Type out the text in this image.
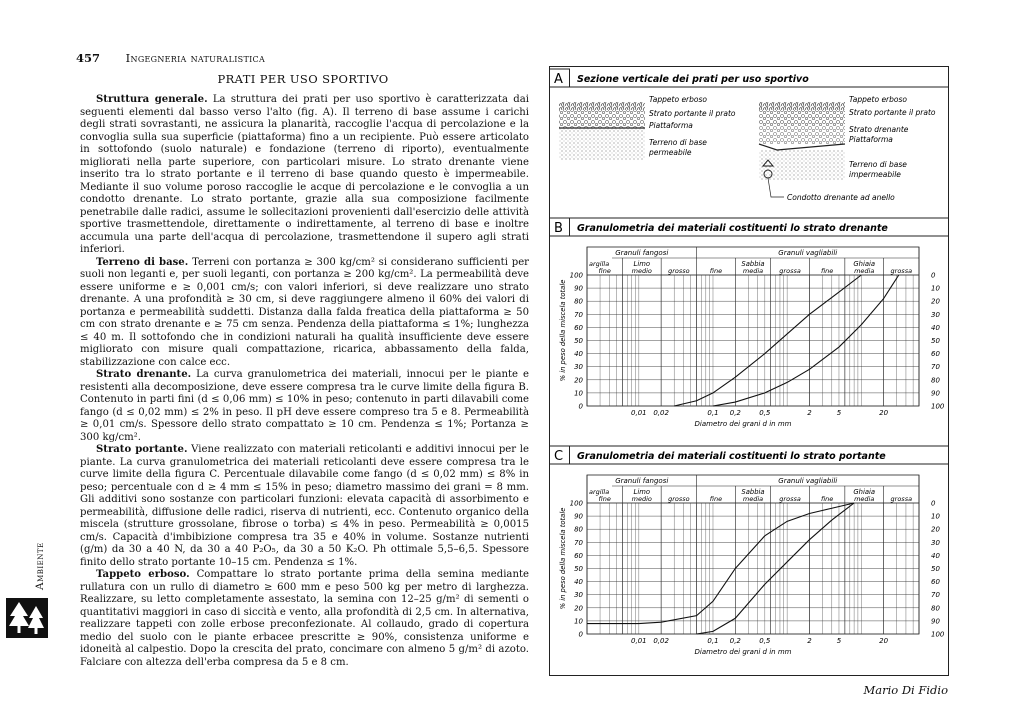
457 Ingegneria naturalistica
PRATI PER USO SPORTIVO

Struttura generale. La struttura dei prati per uso sportivo è caratterizzata dai seguenti elementi dal basso verso l'alto (fig. A). Il terreno di base assume i carichi degli strati sovrastanti, ne assicura la planarità, raccoglie l'acqua di percolazione e la convoglia sulla sua superficie (piattaforma) fino a un recipiente. Può essere articolato in sottofondo (suolo naturale) e fondazione (terreno di riporto), eventualmente migliorati nella parte superiore, con particolari misure. Lo strato drenante viene inserito tra lo strato portante e il terreno di base quando questo è impermeabile. Mediante il suo volume poroso raccoglie le acque di percolazione e le convoglia a un condotto drenante. Lo strato portante, grazie alla sua composizione facilmente penetrabile dalle radici, assume le sollecitazioni provenienti dall'esercizio delle attività sportive trasmettendole, direttamente o indirettamente, al terreno di base e inoltre accumula una parte dell'acqua di percolazione, trasmettendone il supero agli strati inferiori.

Terreno di base. Terreni con portanza ≥ 300 kg/cm² si considerano sufficienti per suoli non leganti e, per suoli leganti, con portanza ≥ 200 kg/cm². La permeabilità deve essere uniforme e ≥ 0,001 cm/s; con valori inferiori, si deve realizzare uno strato drenante. A una profondità ≥ 30 cm, si deve raggiungere almeno il 60% dei valori di portanza e permeabilità suddetti. Distanza dalla falda freatica della piattaforma ≥ 50 cm con strato drenante e ≥ 75 cm senza. Pendenza della piattaforma ≤ 1%; lunghezza ≤ 40 m. Il sottofondo che in condizioni naturali ha qualità insufficiente deve essere migliorato con misure quali compattazione, ricarica, abbassamento della falda, stabilizzazione con calce ecc.

Strato drenante. La curva granulometrica dei materiali, innocui per le piante e resistenti alla decomposizione, deve essere compresa tra le curve limite della figura B. Contenuto in parti fini (d ≤ 0,06 mm) ≤ 10% in peso; contenuto in parti dilavabili come fango (d ≤ 0,02 mm) ≤ 2% in peso. Il pH deve essere compreso tra 5 e 8. Permeabilità ≥ 0,01 cm/s. Spessore dello strato compattato ≥ 10 cm. Pendenza ≤ 1%; Portanza ≥ 300 kg/cm².

Strato portante. Viene realizzato con materiali reticolanti e additivi innocui per le piante. La curva granulometrica dei materiali reticolanti deve essere compresa tra le curve limite della figura C. Percentuale dilavabile come fango (d ≤ 0,02 mm) ≤ 8% in peso; percentuale con d ≥ 4 mm ≤ 15% in peso; diametro massimo dei grani = 8 mm. Gli additivi sono sostanze con particolari funzioni: elevata capacità di assorbimento e permeabilità, diffusione delle radici, riserva di nutrienti, ecc. Contenuto organico della miscela (strutture grossolane, fibrose o torba) ≤ 4% in peso. Permeabilità ≥ 0,0015 cm/s. Capacità d'imbibizione compresa tra 35 e 40% in volume. Sostanze nutrienti (g/m) da 30 a 40 N, da 30 a 40 P₂O₅, da 30 a 50 K₂O. Ph ottimale 5,5–6,5. Spessore finito dello strato portante 10–15 cm. Pendenza ≤ 1%.

Tappeto erboso. Compattare lo strato portante prima della semina mediante rullatura con un rullo di diametro ≥ 600 mm e peso 500 kg per metro di larghezza. Realizzare, su letto completamente assestato, la semina con 12–25 g/m² di sementi o quantitativi maggiori in caso di siccità e vento, alla profondità di 2,5 cm. In alternativa, realizzare tappeti con zolle erbose preconfezionate. Al collaudo, grado di copertura medio del suolo con le piante erbacee prescritte ≥ 90%, consistenza uniforme e idoneità al calpestio. Dopo la crescita del prato, concimare con almeno 5 g/m² di azoto. Falciare con altezza dell'erba compresa da 5 e 8 cm.

Ambiente
Mario Di Fidio
A Sezione verticale dei prati per uso sportivo
Tappeto erboso
Strato portante il prato
Piattaforma
Terreno di base
permeabile
Tappeto erboso
Strato portante il prato
Strato drenante
Piattaforma
Terreno di base
impermeabile
Condotto drenante ad anello
B Granulometria dei materiali costituenti lo strato drenante
argilla
Granuli fangosi	Granuli vagliabili
Limo	Sabbia	Ghiaia
fine	medio grosso	fine	media grossa	fine	media grossa
100	0
90	10
80	20
70	30
60	40
50	50
40	60
30	70
20	80
10	90
0	100
0,01 0,02	0,1 0,2	0,5	2	5	20
Diametro dei grani d in mm
% in peso della miscela totale
C Granulometria dei materiali costituenti lo strato portante
argilla
Granuli fangosi	Granuli vagliabili
Limo	Sabbia	Ghiaia
fine	medio grosso	fine	media grossa	fine	media grossa
100	0
90	10
80	20
70	30
60	40
50	50
40	60
30	70
20	80
10	90
0	100
0,01 0,02	0,1 0,2	0,5	2	5	20
Diametro dei grani d in mm
% in peso della miscela totale
